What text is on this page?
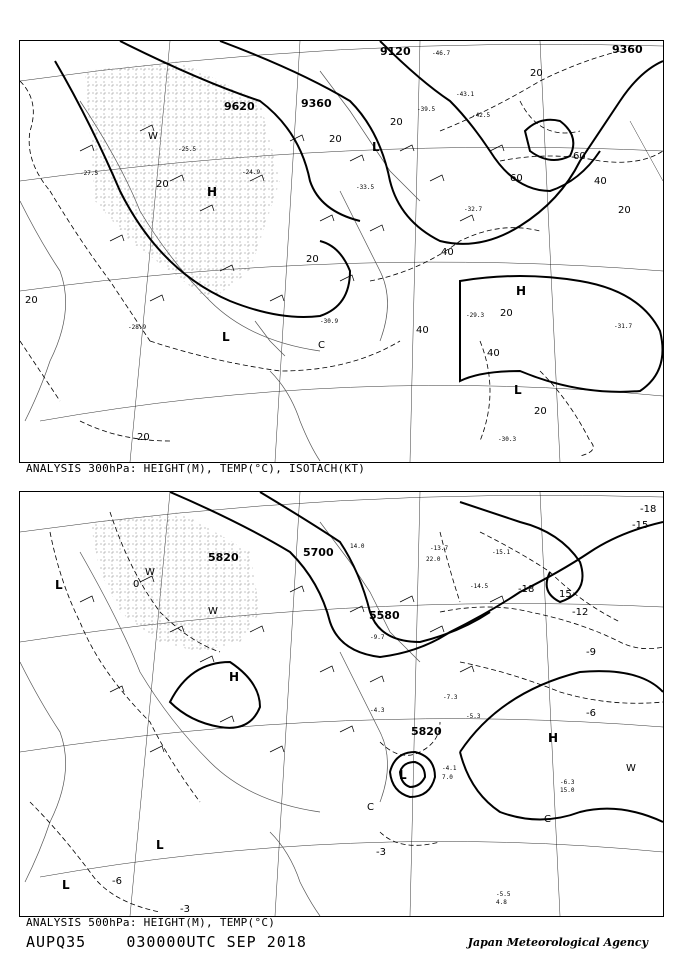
9120	9360
9620	9360
20
20
20
20
40
40
40
60
60
20
20
20
20
40
20
20
H
H
L
L
L
W
C
-46.7
-43.1
-42.5
-39.5
-33.5
-32.7
-31.7
-30.9
-29.3
-28.9
-27.5
-25.5
-24.9
-30.3
ANALYSIS 300hPa: HEIGHT(M), TEMP(°C), ISOTACH(KT)
5820	5700
5580
5820
-18
-15
-12
-9
-6
-3
0
-6
-3
-18 15
H
H
L
L
L
L
W
W
W
C
C
-13.7
-15.1
-14.5
-9.7
-7.3
-5.3
-4.1
-6.3
-5.5
-4.3
22.0
14.0
7.0
15.0
4.8
ANALYSIS 500hPa: HEIGHT(M), TEMP(°C)
AUPQ35	030000UTC SEP 2018	Japan Meteorological Agency
